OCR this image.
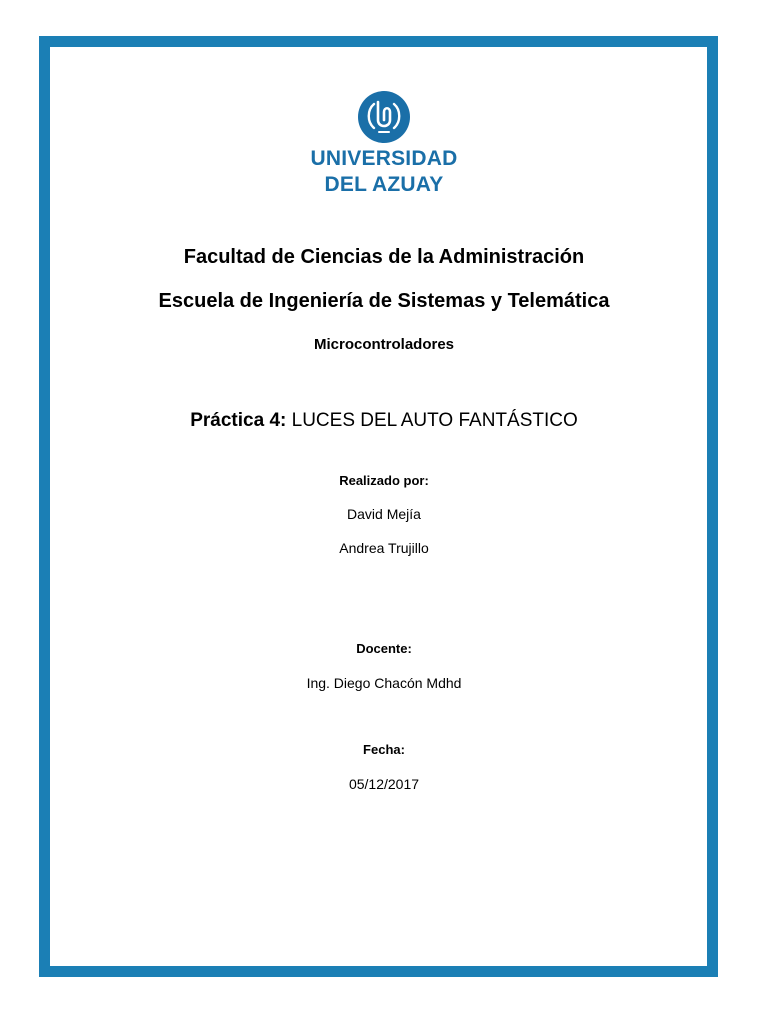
UNIVERSIDAD
DEL AZUAY
Facultad de Ciencias de la Administración
Escuela de Ingeniería de Sistemas y Telemática
Microcontroladores
Práctica 4: LUCES DEL AUTO FANTÁSTICO
Realizado por:
David Mejía
Andrea Trujillo
Docente:
Ing. Diego Chacón Mdhd
Fecha:
05/12/2017
